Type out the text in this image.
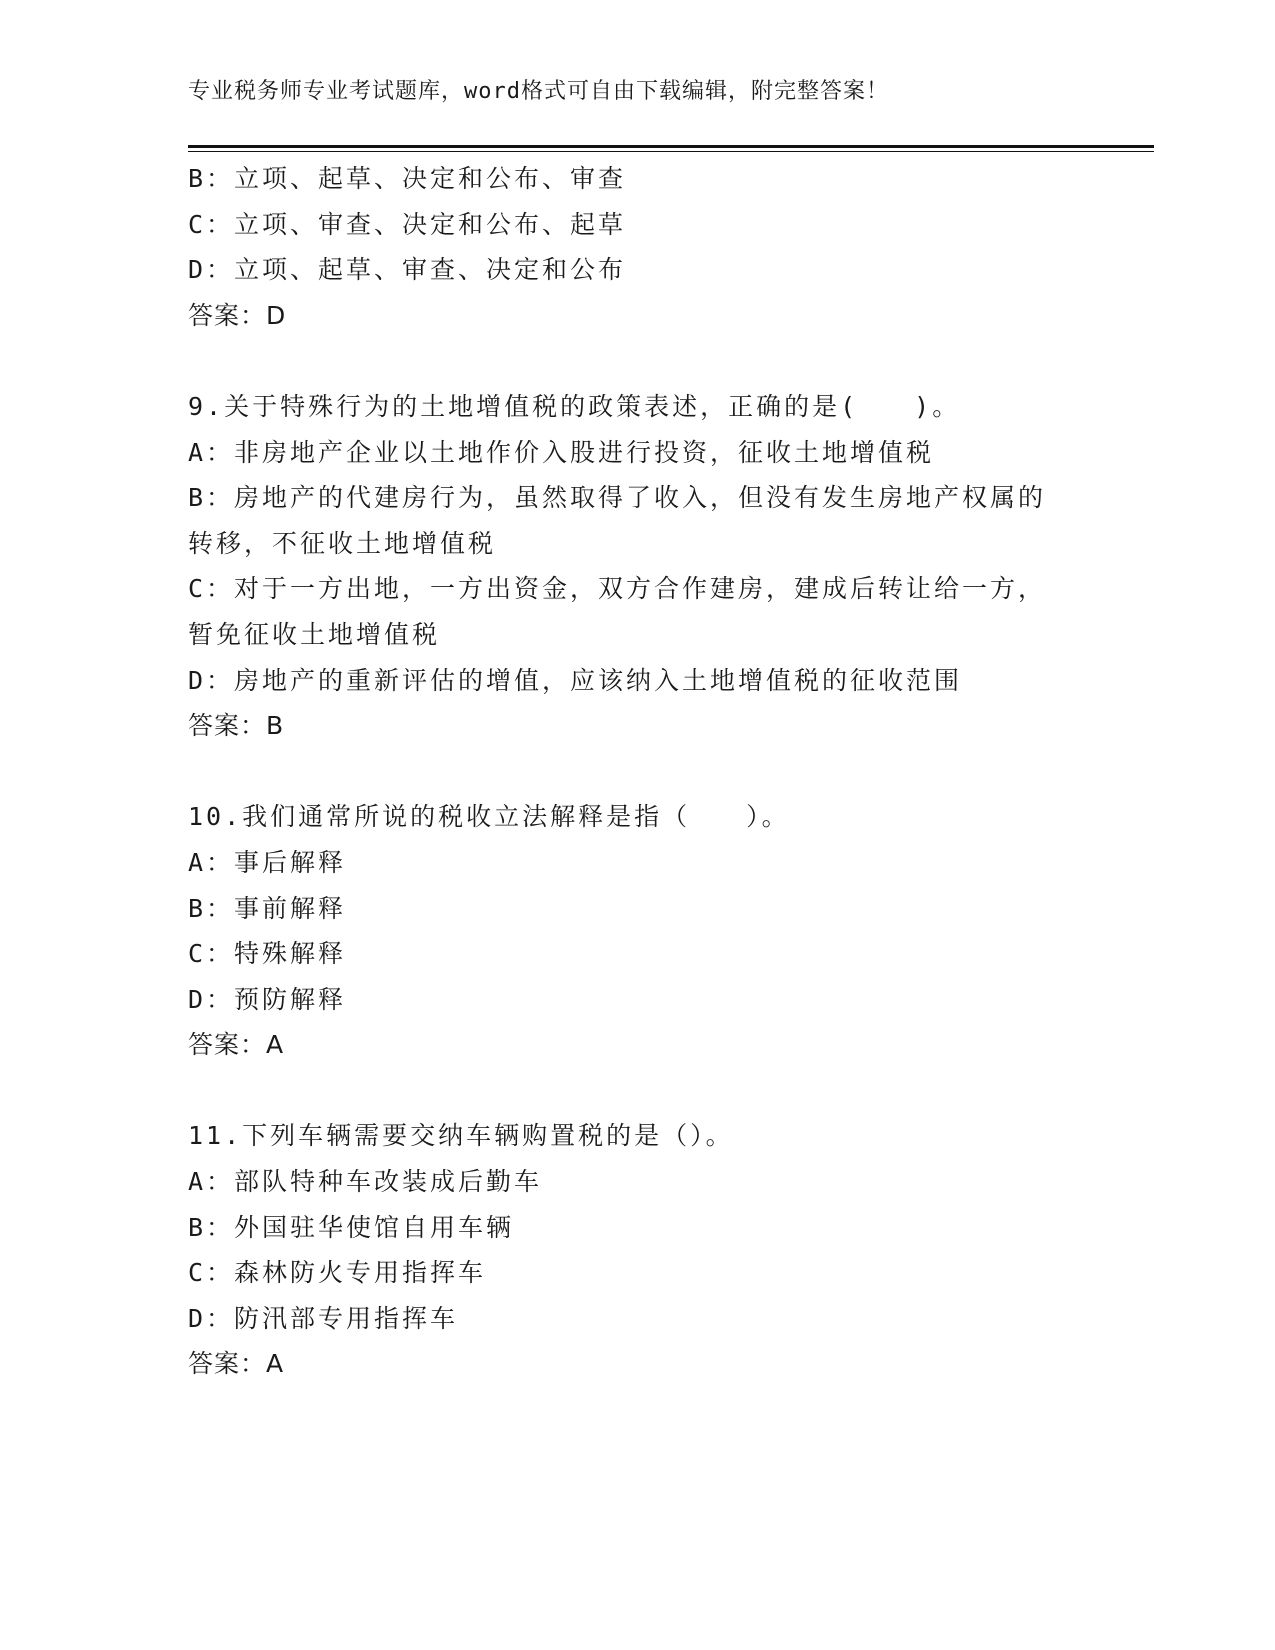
专业税务师专业考试题库，word格式可自由下载编辑，附完整答案！
B：立项、起草、决定和公布、审查
C：立项、审查、决定和公布、起草
D：立项、起草、审查、决定和公布
答案：D
9.关于特殊行为的土地增值税的政策表述，正确的是(　　)。
A：非房地产企业以土地作价入股进行投资，征收土地增值税
B：房地产的代建房行为，虽然取得了收入，但没有发生房地产权属的
转移，不征收土地增值税
C：对于一方出地，一方出资金，双方合作建房，建成后转让给一方，
暂免征收土地增值税
D：房地产的重新评估的增值，应该纳入土地增值税的征收范围
答案：B
10.我们通常所说的税收立法解释是指（　　）。
A：事后解释
B：事前解释
C：特殊解释
D：预防解释
答案：A
11.下列车辆需要交纳车辆购置税的是（）。
A：部队特种车改装成后勤车
B：外国驻华使馆自用车辆
C：森林防火专用指挥车
D：防汛部专用指挥车
答案：A
